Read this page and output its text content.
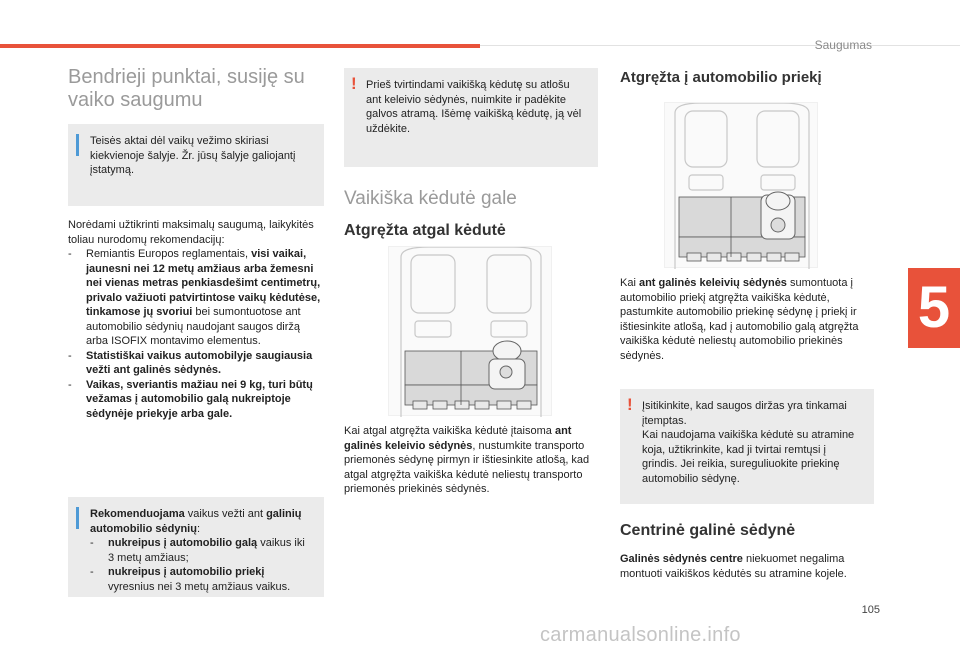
Saugumas
5
Bendrieji punktai, susiję su vaiko saugumu
Teisės aktai dėl vaikų vežimo skiriasi kiekvienoje šalyje. Žr. jūsų šalyje galiojantį įstatymą.

Norėdami užtikrinti maksimalų saugumą, laikykitės toliau nurodomų rekomendacijų:

-	Remiantis Europos reglamentais, visi vaikai, jaunesni nei 12 metų amžiaus arba žemesni nei vienas metras penkiasdešimt centimetrų, privalo važiuoti patvirtintose vaikų kėdutėse, tinkamose jų svoriui bei sumontuotose ant automobilio sėdynių naudojant saugos diržą arba ISOFIX montavimo elementus.
-	Statistiškai vaikus automobilyje saugiausia vežti ant galinės sėdynės.
-	Vaikas, sveriantis mažiau nei 9 kg, turi būtų vežamas į automobilio galą nukreiptoje sėdynėje priekyje arba gale.

Rekomenduojama vaikus vežti ant galinių automobilio sėdynių:

-	nukreipus į automobilio galą vaikus iki 3 metų amžiaus;
-	nukreipus į automobilio priekį vyresnius nei 3 metų amžiaus vaikus.
! Prieš tvirtindami vaikišką kėdutę su atlošu ant keleivio sėdynės, nuimkite ir padėkite galvos atramą. Išėmę vaikišką kėdutę, ją vėl uždėkite.
Vaikiška kėdutė gale
Atgręžta atgal kėdutė

Kai atgal atgręžta vaikiška kėdutė įtaisoma ant galinės keleivio sėdynės, nustumkite transporto priemonės sėdynę pirmyn ir ištiesinkite atlošą, kad atgal atgręžta vaikiška kėdutė neliestų transporto priemonės priekinės sėdynės.

Atgręžta į automobilio priekį

Kai ant galinės keleivių sėdynės sumontuota į automobilio priekį atgręžta vaikiška kėdutė, pastumkite automobilio priekinę sėdynę į priekį ir ištiesinkite atlošą, kad į automobilio galą atgręžta vaikiška kėdutė neliestų automobilio priekinės sėdynės.

! Įsitikinkite, kad saugos diržas yra tinkamai įtemptas.

Kai naudojama vaikiška kėdutė su atramine koja, užtikrinkite, kad ji tvirtai remtųsi į grindis. Jei reikia, sureguliuokite priekinę automobilio sėdynę.

Centrinė galinė sėdynė

Galinės sėdynės centre niekuomet negalima montuoti vaikiškos kėdutės su atramine kojele.

105
carmanualsonline.info
